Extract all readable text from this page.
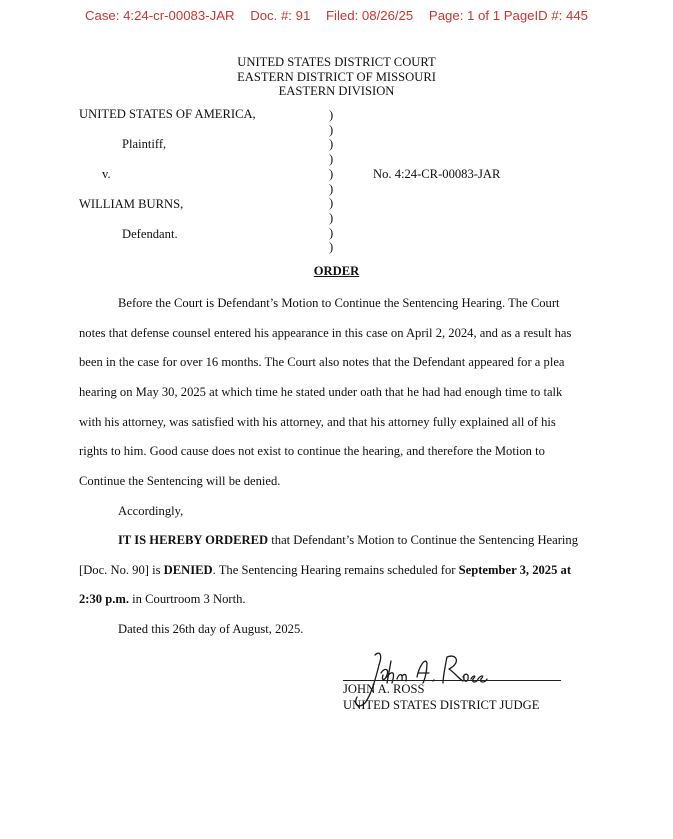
Case: 4:24-cr-00083-JAR Doc. #: 91 Filed: 08/26/25 Page: 1 of 1 PageID #: 445
UNITED STATES DISTRICT COURT
EASTERN DISTRICT OF MISSOURI
EASTERN DIVISION
UNITED STATES OF AMERICA,
Plaintiff,
v.	No. 4:24-CR-00083-JAR
WILLIAM BURNS,
Defendant.
)
)
)
)
)
)
)
)
)
)
ORDER
Before the Court is Defendant’s Motion to Continue the Sentencing Hearing. The Court
notes that defense counsel entered his appearance in this case on April 2, 2024, and as a result has
been in the case for over 16 months. The Court also notes that the Defendant appeared for a plea
hearing on May 30, 2025 at which time he stated under oath that he had had enough time to talk
with his attorney, was satisfied with his attorney, and that his attorney fully explained all of his
rights to him. Good cause does not exist to continue the hearing, and therefore the Motion to
Continue the Sentencing will be denied.
Accordingly,
IT IS HEREBY ORDERED that Defendant’s Motion to Continue the Sentencing Hearing
[Doc. No. 90] is DENIED. The Sentencing Hearing remains scheduled for September 3, 2025 at
2:30 p.m. in Courtroom 3 North.
Dated this 26th day of August, 2025.
JOHN A. ROSS
UNITED STATES DISTRICT JUDGE
